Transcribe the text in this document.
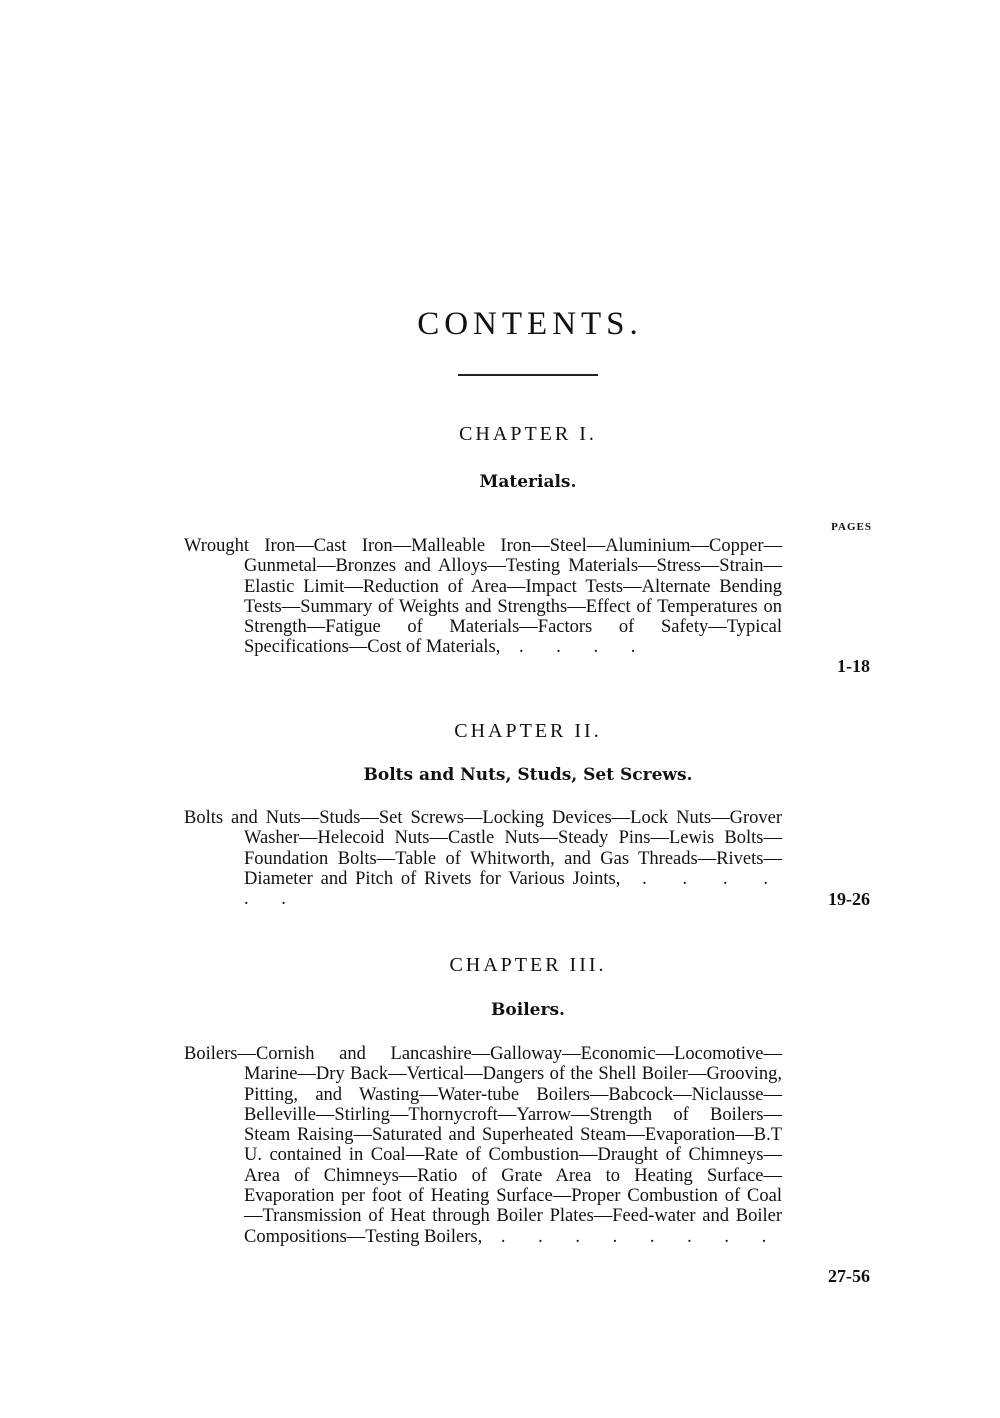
CONTENTS.
CHAPTER I.
Materials.
PAGES
Wrought Iron—Cast Iron—Malleable Iron—Steel—Aluminium—Copper—Gunmetal—Bronzes and Alloys—Testing Materials—Stress—Strain—Elastic Limit—Reduction of Area—Impact Tests—Alternate Bending Tests—Summary of Weights and Strengths—Effect of Temperatures on Strength—Fatigue of Materials—Factors of Safety—Typical Specifications—Cost of Materials, . . . .
1-18
CHAPTER II.
Bolts and Nuts, Studs, Set Screws.
Bolts and Nuts—Studs—Set Screws—Locking Devices—Lock Nuts—Grover Washer—Helecoid Nuts—Castle Nuts—Steady Pins—Lewis Bolts—Foundation Bolts—Table of Whitworth, and Gas Threads—Rivets—Diameter and Pitch of Rivets for Various Joints, . . . . . .	19-26
CHAPTER III.
Boilers.
Boilers—Cornish and Lancashire—Galloway—Economic—Locomotive—Marine—Dry Back—Vertical—Dangers of the Shell Boiler—Grooving, Pitting, and Wasting—Water-tube Boilers—Babcock—Niclausse—Belleville—Stirling—Thornycroft—Yarrow—Strength of Boilers—Steam Raising—Saturated and Superheated Steam—Evaporation—B.T U. contained in Coal—Rate of Combustion—Draught of Chimneys—Area of Chimneys—Ratio of Grate Area to Heating Surface—Evaporation per foot of Heating Surface—Proper Combustion of Coal—Transmission of Heat through Boiler Plates—Feed-water and Boiler Compositions—Testing Boilers, . . . . . . . .
27-56
